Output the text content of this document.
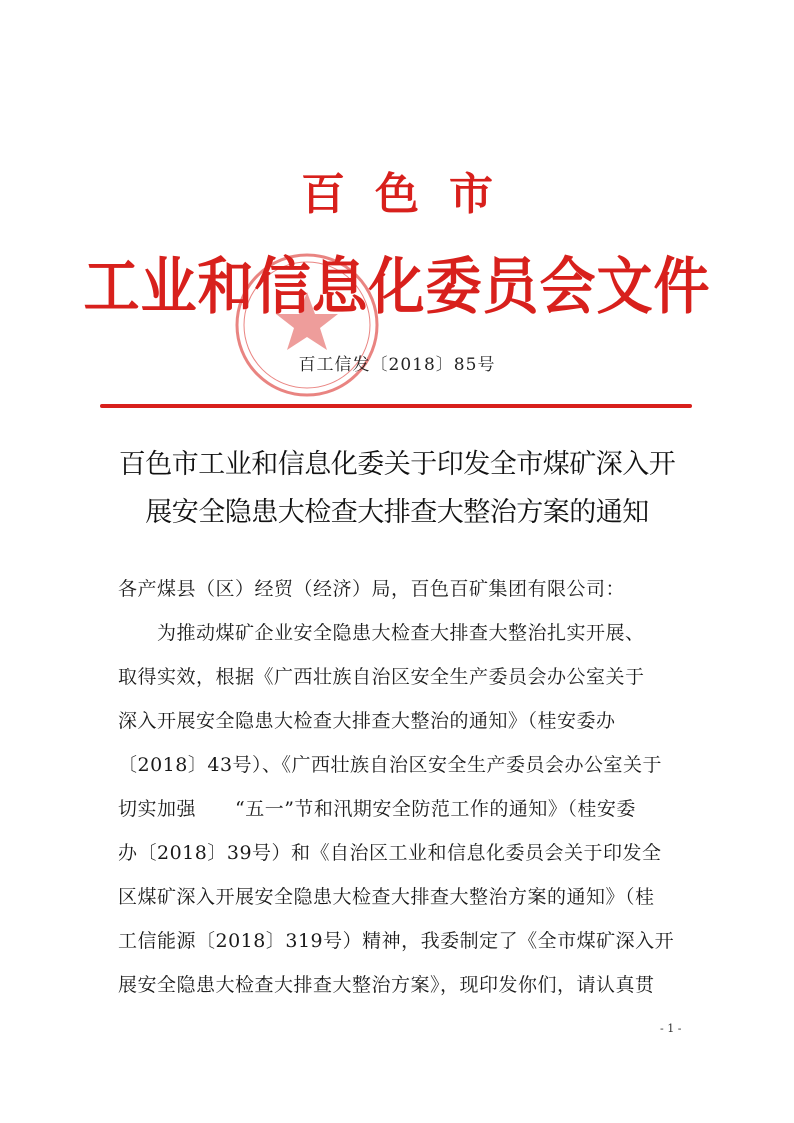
百色市
工业和信息化委员会文件
百工信发〔2018〕85号
百色市工业和信息化委关于印发全市煤矿深入开
展安全隐患大检查大排查大整治方案的通知
各产煤县（区）经贸（经济）局，百色百矿集团有限公司：
　　为推动煤矿企业安全隐患大检查大排查大整治扎实开展、
取得实效，根据《广西壮族自治区安全生产委员会办公室关于
深入开展安全隐患大检查大排查大整治的通知》（桂安委办
〔2018〕43号）、《广西壮族自治区安全生产委员会办公室关于
切实加强　　“五一”节和汛期安全防范工作的通知》（桂安委
办〔2018〕39号）和《自治区工业和信息化委员会关于印发全
区煤矿深入开展安全隐患大检查大排查大整治方案的通知》（桂
工信能源〔2018〕319号）精神，我委制定了《全市煤矿深入开
展安全隐患大检查大排查大整治方案》，现印发你们，请认真贯
- 1 -
